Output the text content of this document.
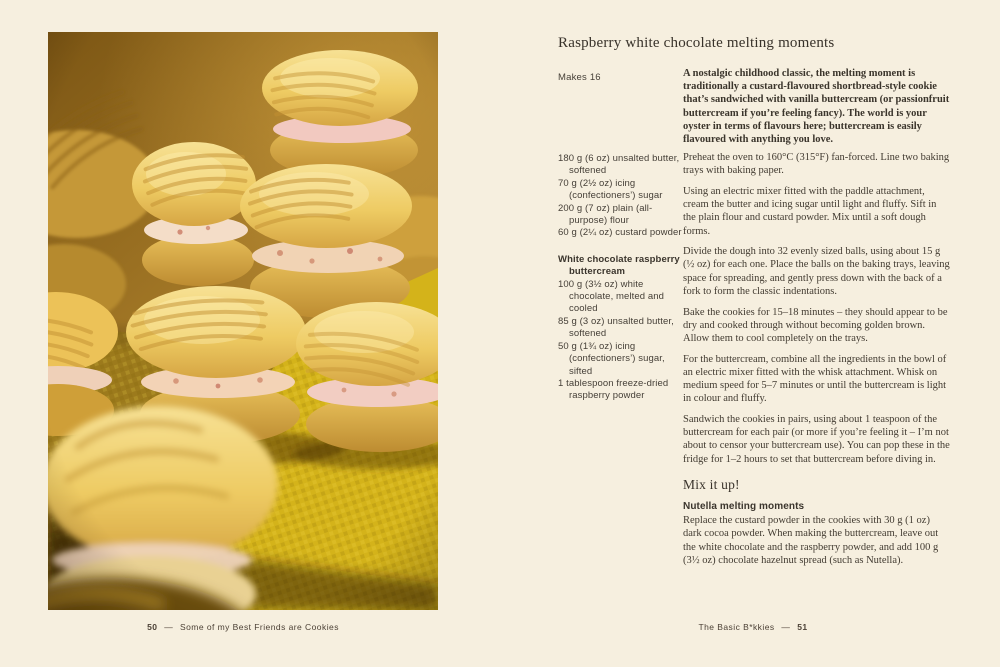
50 — Some of my Best Friends are Cookies
Raspberry white chocolate melting moments
Makes 16
180 g (6 oz) unsalted butter, softened
70 g (2½ oz) icing (confectioners’) sugar
200 g (7 oz) plain (all-purpose) flour
60 g (2¼ oz) custard powder
White chocolate raspberry buttercream
100 g (3½ oz) white chocolate, melted and cooled
85 g (3 oz) unsalted butter, softened
50 g (1¾ oz) icing (confectioners’) sugar, sifted
1 tablespoon freeze-dried raspberry powder

A nostalgic childhood classic, the melting moment is traditionally a custard-flavoured shortbread-style cookie that’s sandwiched with vanilla buttercream (or passionfruit buttercream if you’re feeling fancy). The world is your oyster in terms of flavours here; buttercream is easily flavoured with anything you love.

Preheat the oven to 160°C (315°F) fan-forced. Line two baking trays with baking paper.

Using an electric mixer fitted with the paddle attachment, cream the butter and icing sugar until light and fluffy. Sift in the plain flour and custard powder. Mix until a soft dough forms.

Divide the dough into 32 evenly sized balls, using about 15 g (½ oz) for each one. Place the balls on the baking trays, leaving space for spreading, and gently press down with the back of a fork to form the classic indentations.

Bake the cookies for 15–18 minutes – they should appear to be dry and cooked through without becoming golden brown. Allow them to cool completely on the trays.

For the buttercream, combine all the ingredients in the bowl of an electric mixer fitted with the whisk attachment. Whisk on medium speed for 5–7 minutes or until the buttercream is light in colour and fluffy.

Sandwich the cookies in pairs, using about 1 teaspoon of the buttercream for each pair (or more if you’re feeling it – I’m not about to censor your buttercream use). You can pop these in the fridge for 1–2 hours to set that buttercream before diving in.

Mix it up!
Nutella melting moments

Replace the custard powder in the cookies with 30 g (1 oz) dark cocoa powder. When making the buttercream, leave out the white chocolate and the raspberry powder, and add 100 g (3½ oz) chocolate hazelnut spread (such as Nutella).

The Basic B*kkies — 51
